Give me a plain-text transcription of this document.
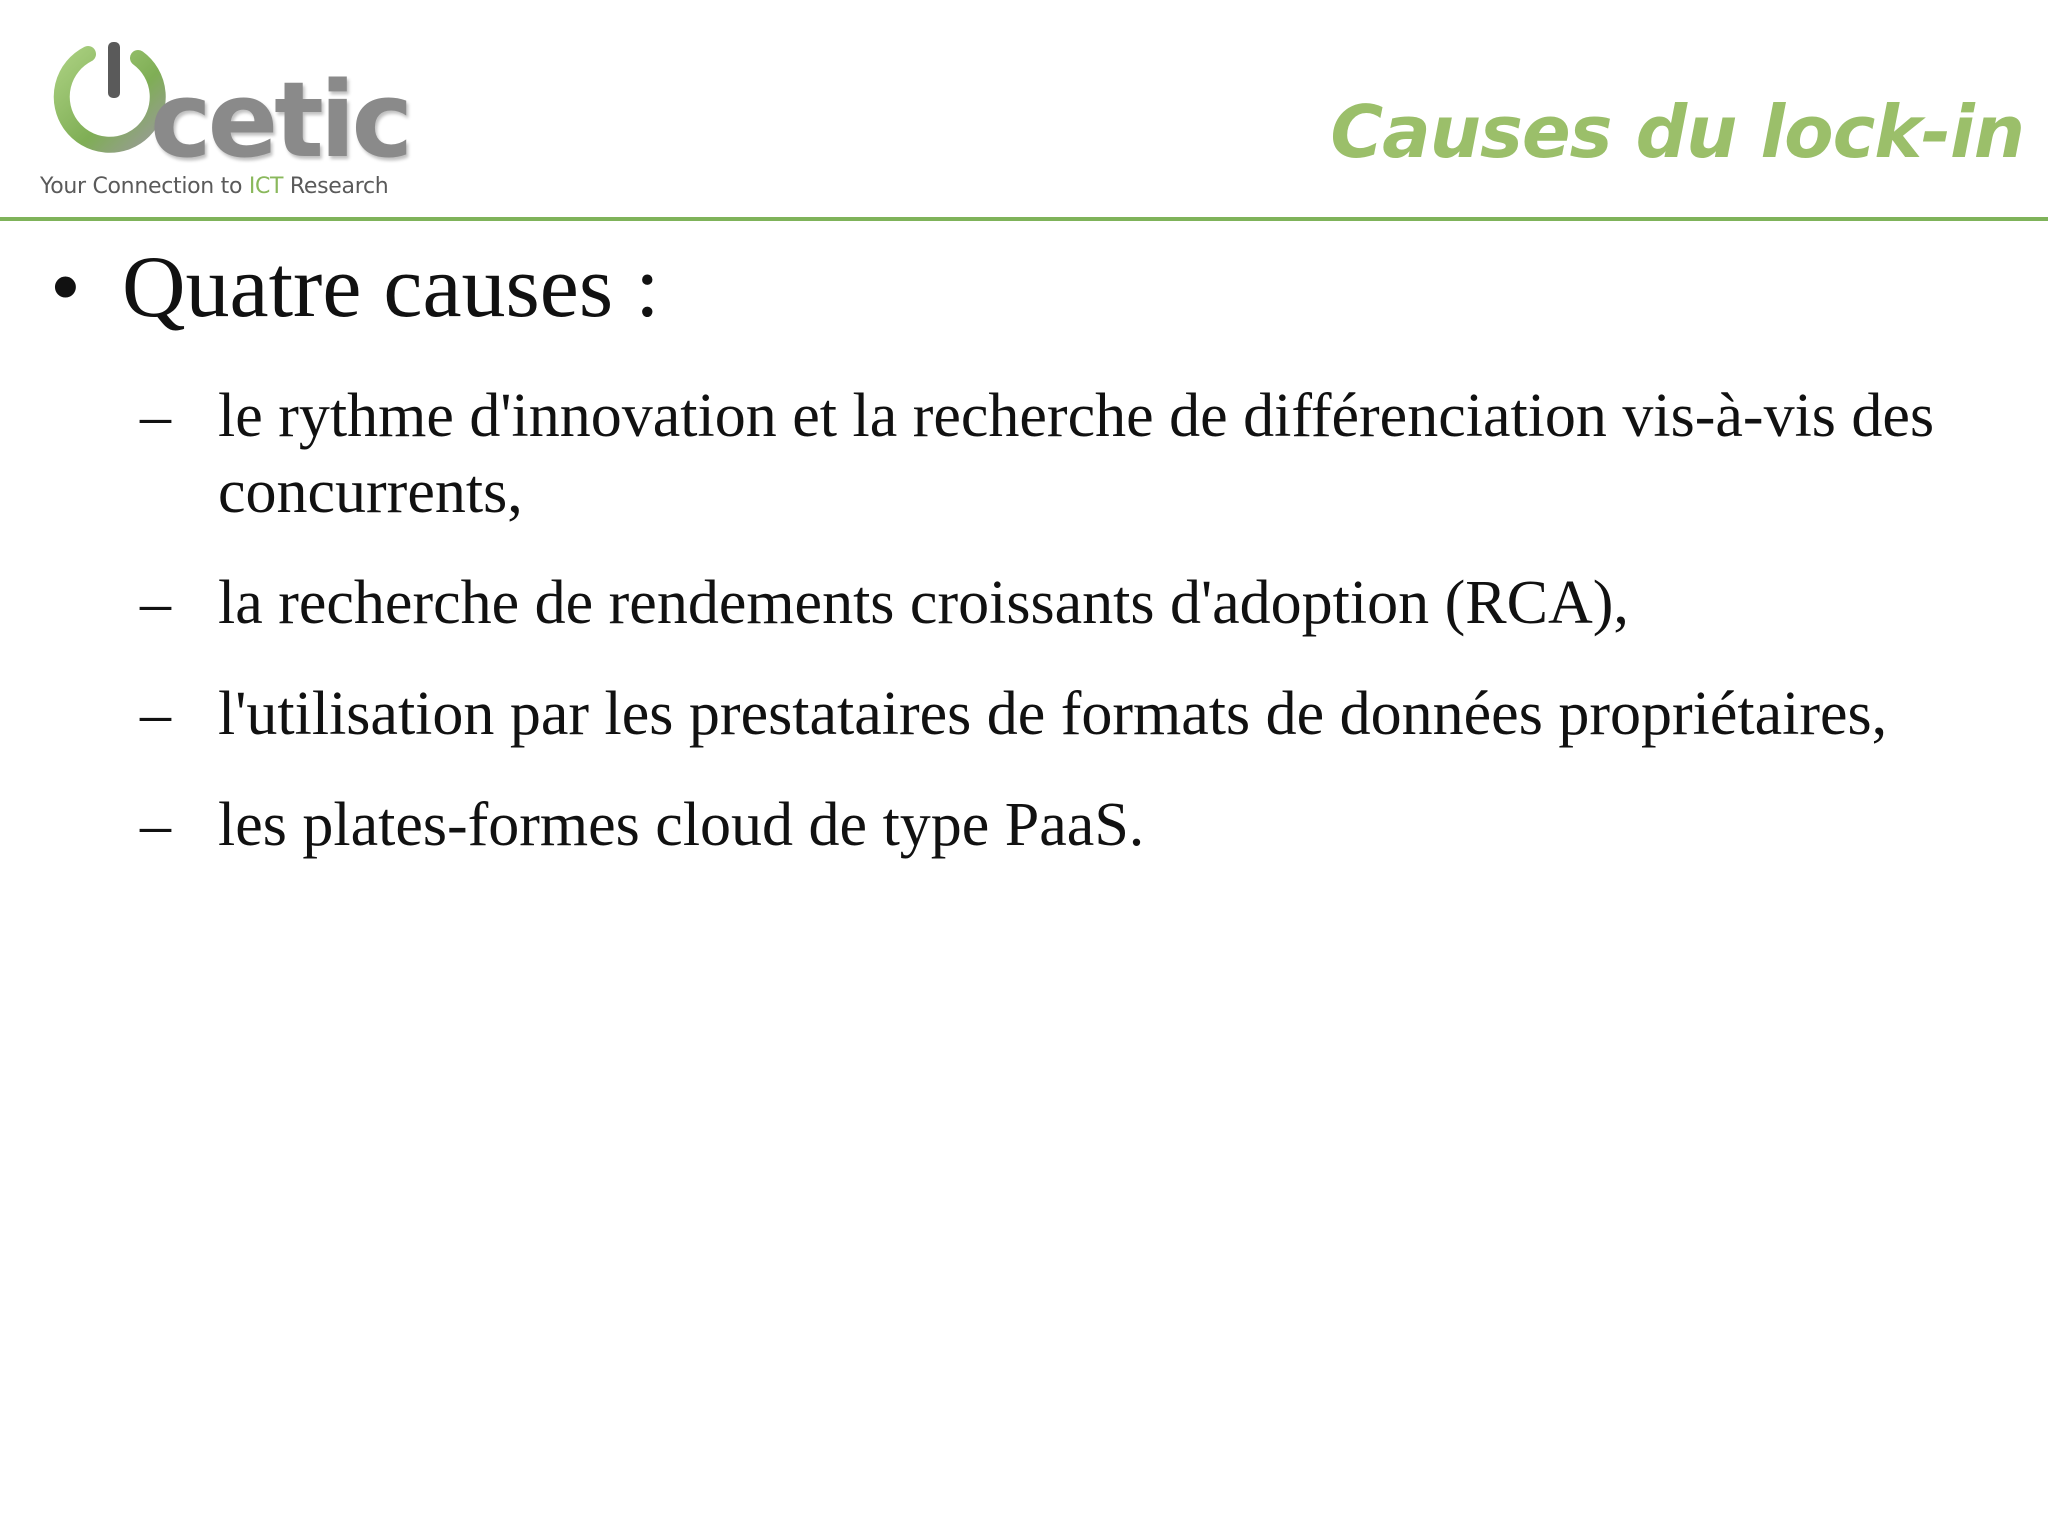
cetic
Your Connection to ICT Research
Causes du lock-in
• Quatre causes :
– le rythme d'innovation et la recherche de différenciation vis-à-vis des concurrents,
– la recherche de rendements croissants d'adoption (RCA),
– l'utilisation par les prestataires de formats de données propriétaires,
– les plates-formes cloud de type PaaS.
